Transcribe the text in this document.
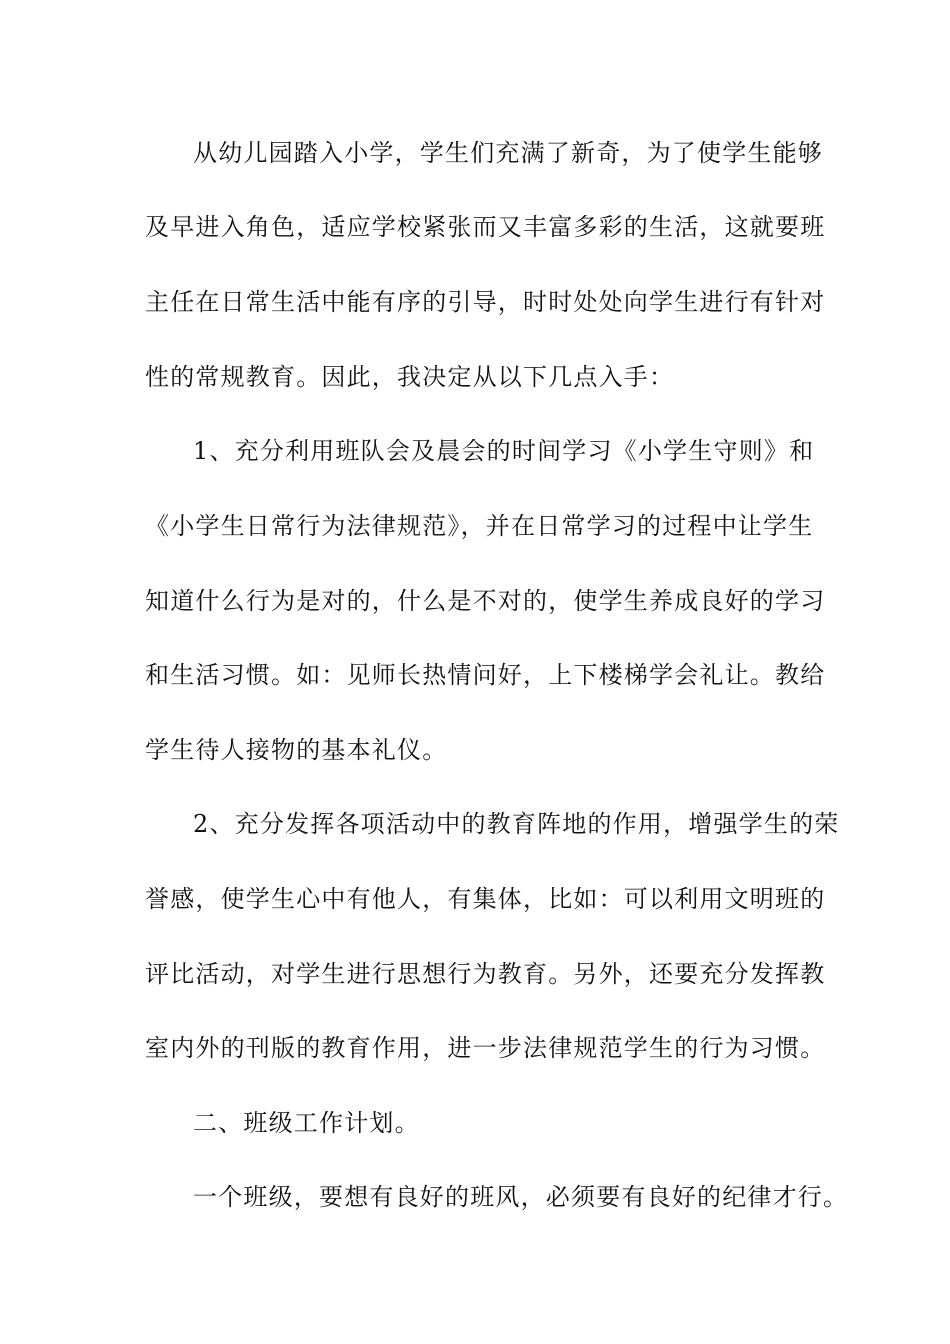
从幼儿园踏入小学，学生们充满了新奇，为了使学生能够
及早进入角色，适应学校紧张而又丰富多彩的生活，这就要班
主任在日常生活中能有序的引导，时时处处向学生进行有针对
性的常规教育。因此，我决定从以下几点入手：
1、充分利用班队会及晨会的时间学习《小学生守则》和
《小学生日常行为法律规范》，并在日常学习的过程中让学生
知道什么行为是对的，什么是不对的，使学生养成良好的学习
和生活习惯。如：见师长热情问好，上下楼梯学会礼让。教给
学生待人接物的基本礼仪。
2、充分发挥各项活动中的教育阵地的作用，增强学生的荣
誉感，使学生心中有他人，有集体，比如：可以利用文明班的
评比活动，对学生进行思想行为教育。另外，还要充分发挥教
室内外的刊版的教育作用，进一步法律规范学生的行为习惯。
二、班级工作计划。
一个班级，要想有良好的班风，必须要有良好的纪律才行。
